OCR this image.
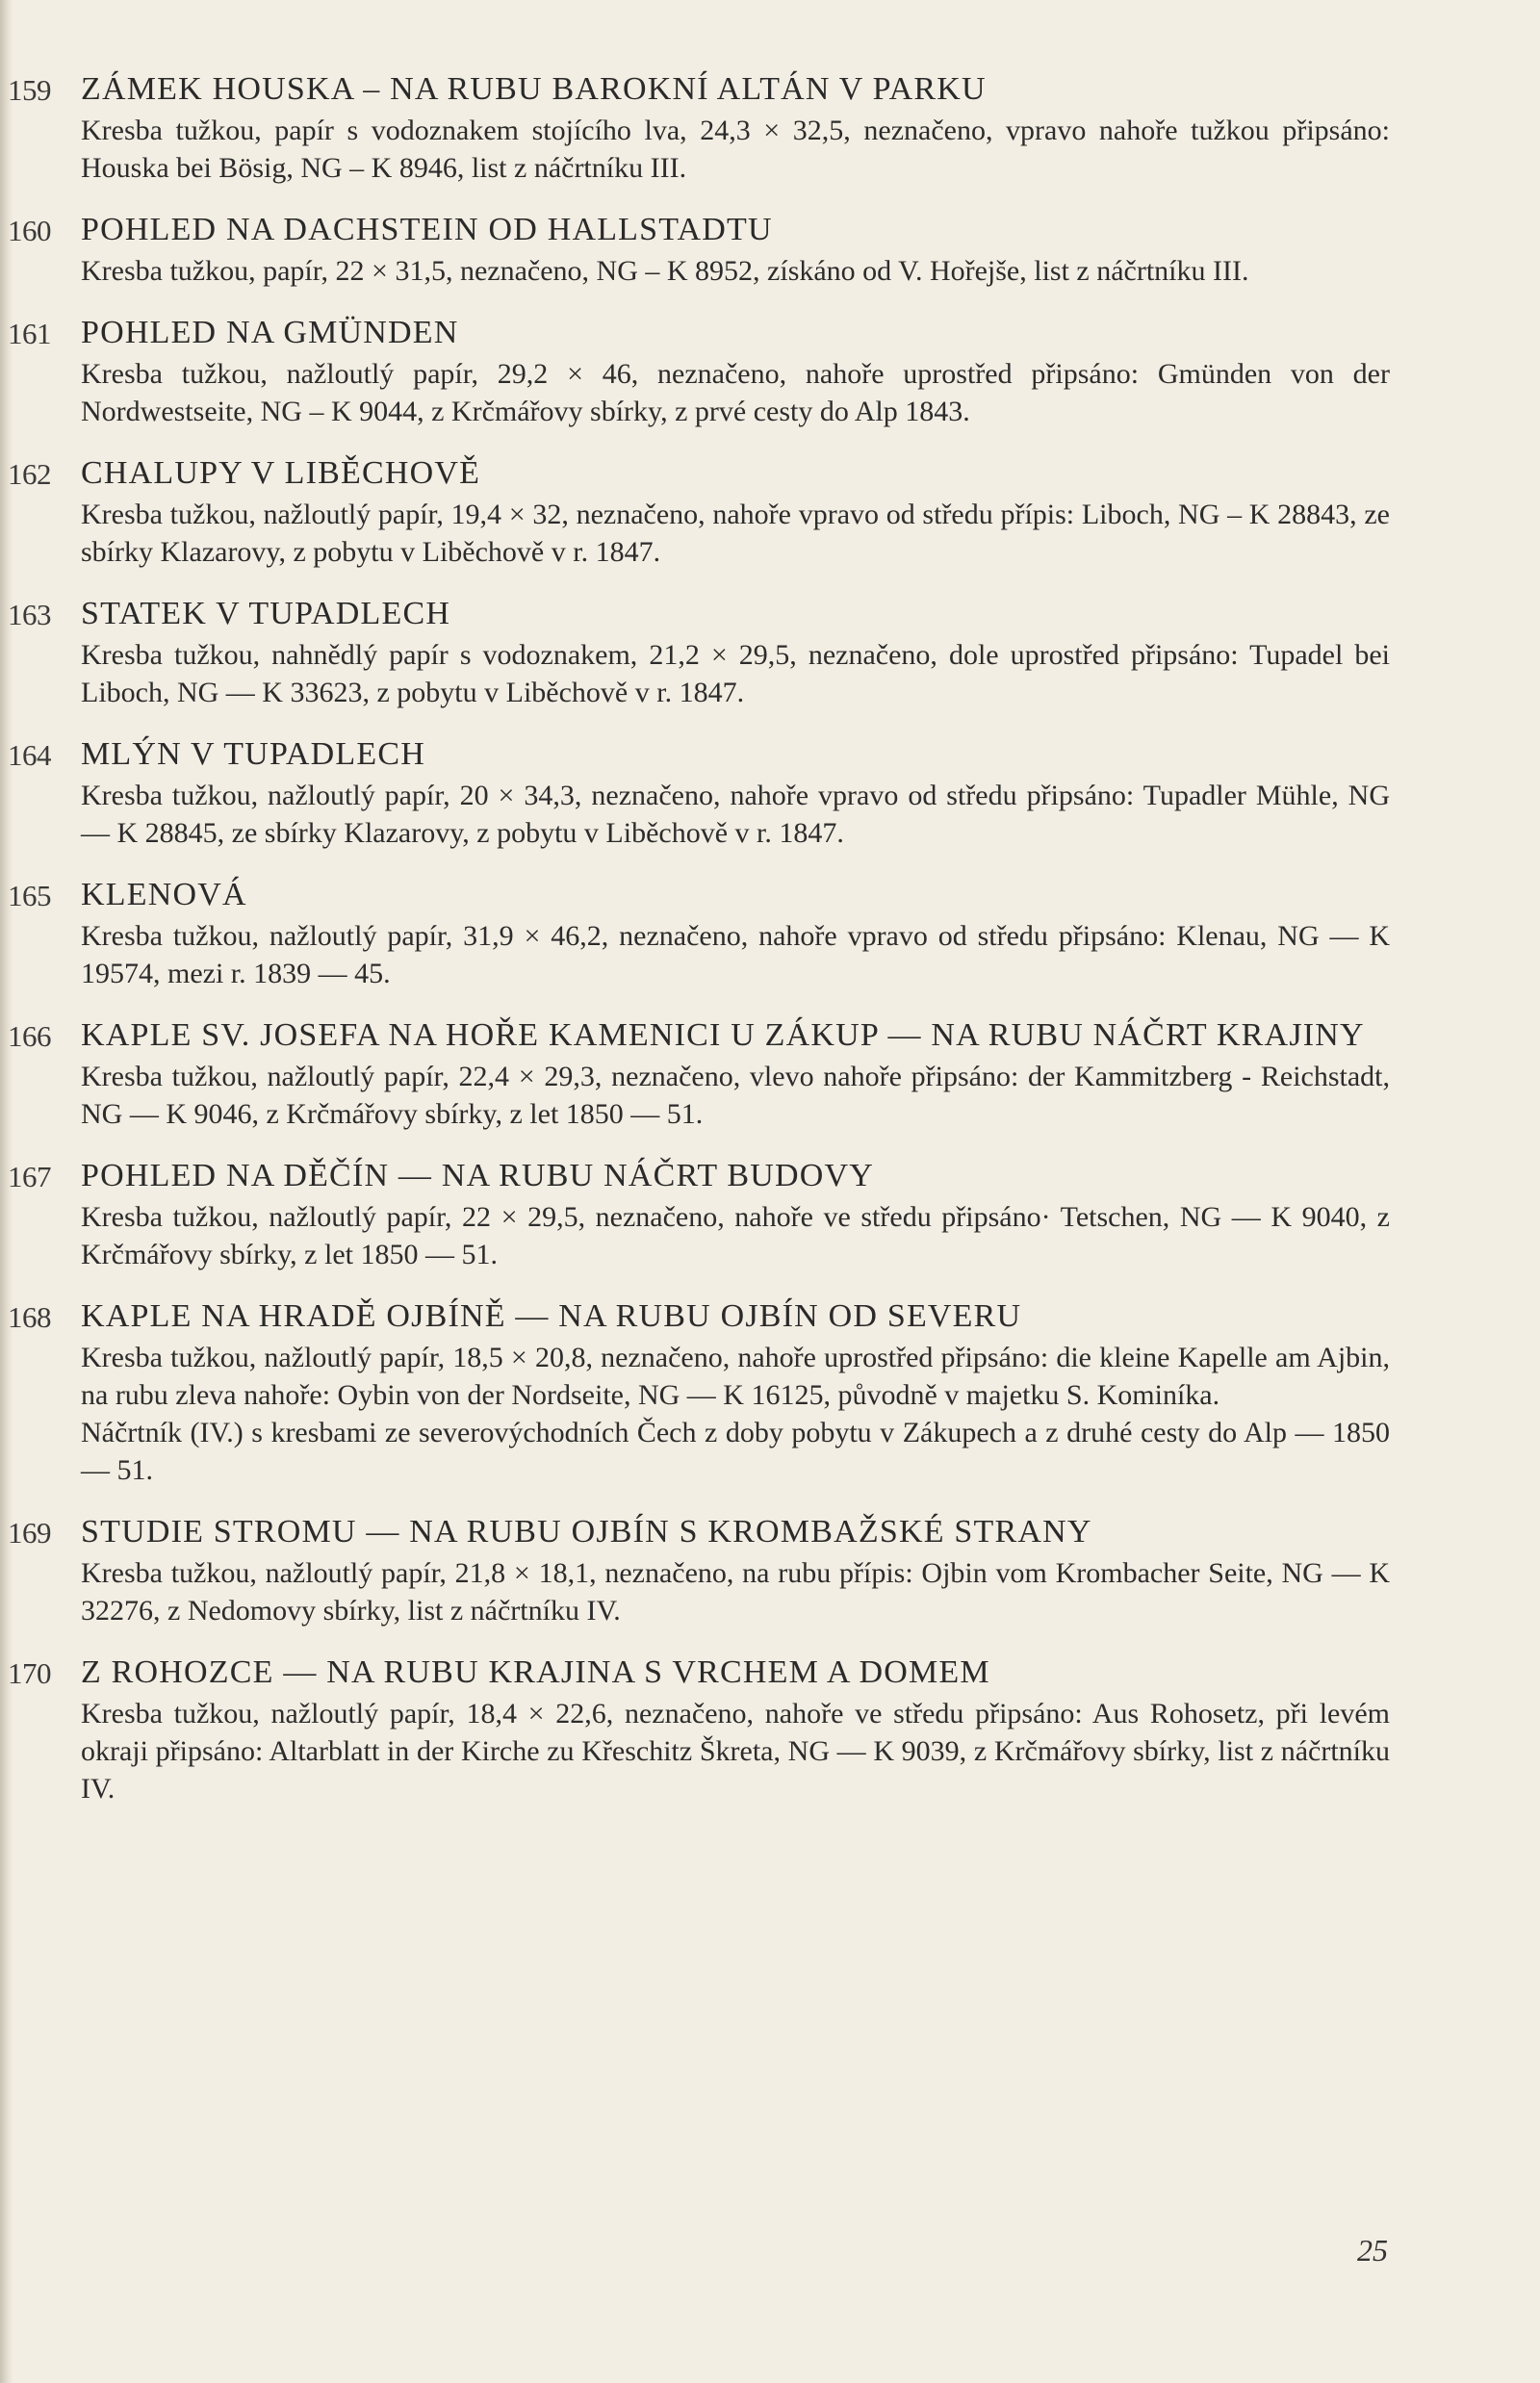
159 ZÁMEK HOUSKA – NA RUBU BAROKNÍ ALTÁN V PARKU

Kresba tužkou, papír s vodoznakem stojícího lva, 24,3 × 32,5, neznačeno, vpravo nahoře tužkou připsáno: Houska bei Bösig, NG – K 8946, list z náčrtníku III.

160 POHLED NA DACHSTEIN OD HALLSTADTU

Kresba tužkou, papír, 22 × 31,5, neznačeno, NG – K 8952, získáno od V. Hořejše, list z náčrtníku III.

161 POHLED NA GMÜNDEN

Kresba tužkou, nažloutlý papír, 29,2 × 46, neznačeno, nahoře uprostřed připsáno: Gmünden von der Nordwestseite, NG – K 9044, z Krčmářovy sbírky, z prvé cesty do Alp 1843.

162 CHALUPY V LIBĚCHOVĚ

Kresba tužkou, nažloutlý papír, 19,4 × 32, neznačeno, nahoře vpravo od středu přípis: Liboch, NG – K 28843, ze sbírky Klazarovy, z pobytu v Liběchově v r. 1847.

163 STATEK V TUPADLECH

Kresba tužkou, nahnědlý papír s vodoznakem, 21,2 × 29,5, neznačeno, dole uprostřed připsáno: Tupadel bei Liboch, NG — K 33623, z pobytu v Liběchově v r. 1847.

164 MLÝN V TUPADLECH

Kresba tužkou, nažloutlý papír, 20 × 34,3, neznačeno, nahoře vpravo od středu připsáno: Tupadler Mühle, NG — K 28845, ze sbírky Klazarovy, z pobytu v Liběchově v r. 1847.

165 KLENOVÁ

Kresba tužkou, nažloutlý papír, 31,9 × 46,2, neznačeno, nahoře vpravo od středu připsáno: Klenau, NG — K 19574, mezi r. 1839 — 45.

166 KAPLE SV. JOSEFA NA HOŘE KAMENICI U ZÁKUP — NA RUBU NÁČRT KRAJINY

Kresba tužkou, nažloutlý papír, 22,4 × 29,3, neznačeno, vlevo nahoře připsáno: der Kammitzberg - Reichstadt, NG — K 9046, z Krčmářovy sbírky, z let 1850 — 51.

167 POHLED NA DĚČÍN — NA RUBU NÁČRT BUDOVY

Kresba tužkou, nažloutlý papír, 22 × 29,5, neznačeno, nahoře ve středu připsáno· Tetschen, NG — K 9040, z Krčmářovy sbírky, z let 1850 — 51.

168 KAPLE NA HRADĚ OJBÍNĚ — NA RUBU OJBÍN OD SEVERU

Kresba tužkou, nažloutlý papír, 18,5 × 20,8, neznačeno, nahoře uprostřed připsáno: die kleine Kapelle am Ajbin, na rubu zleva nahoře: Oybin von der Nordseite, NG — K 16125, původně v majetku S. Kominíka.

Náčrtník (IV.) s kresbami ze severovýchodních Čech z doby pobytu v Zákupech a z druhé cesty do Alp — 1850 — 51.

169 STUDIE STROMU — NA RUBU OJBÍN S KROMBAŽSKÉ STRANY

Kresba tužkou, nažloutlý papír, 21,8 × 18,1, neznačeno, na rubu přípis: Ojbin vom Krombacher Seite, NG — K 32276, z Nedomovy sbírky, list z náčrtníku IV.

170 Z ROHOZCE — NA RUBU KRAJINA S VRCHEM A DOMEM

Kresba tužkou, nažloutlý papír, 18,4 × 22,6, neznačeno, nahoře ve středu připsáno: Aus Rohosetz, při levém okraji připsáno: Altarblatt in der Kirche zu Křeschitz Škreta, NG — K 9039, z Krčmářovy sbírky, list z náčrtníku IV.

25
